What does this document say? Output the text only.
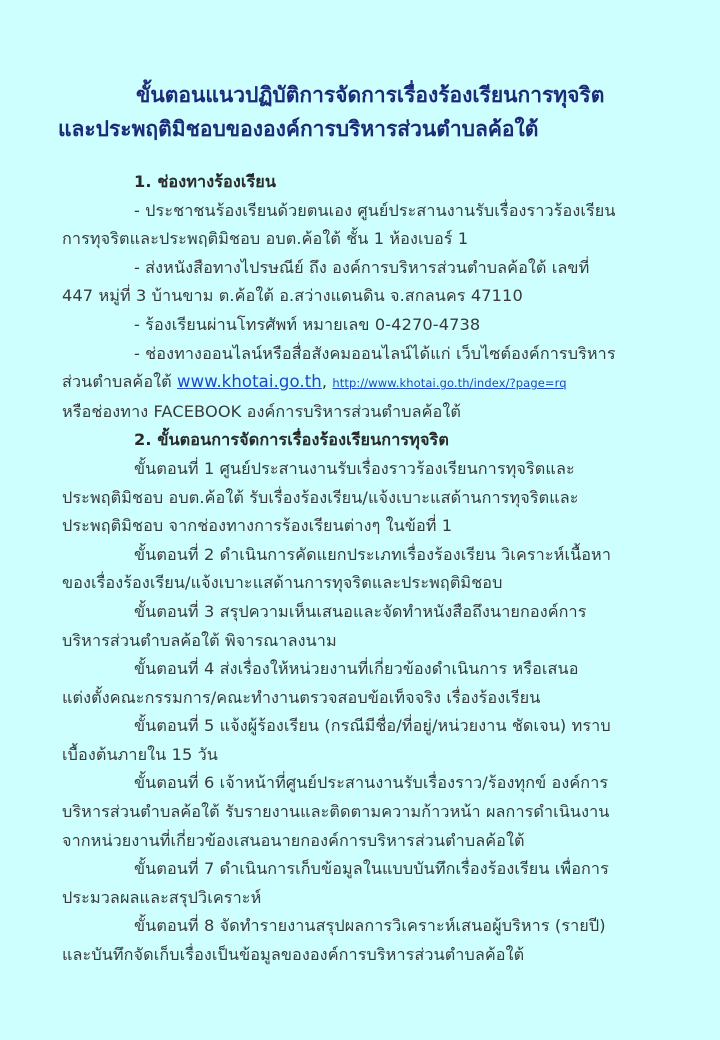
ขั้นตอนแนวปฏิบัติการจัดการเรื่องร้องเรียนการทุจริต
และประพฤติมิชอบขององค์การบริหารส่วนตำบลค้อใต้
1. ช่องทางร้องเรียน
- ประชาชนร้องเรียนด้วยตนเอง ศูนย์ประสานงานรับเรื่องราวร้องเรียน
การทุจริตและประพฤติมิชอบ อบต.ค้อใต้ ชั้น 1 ห้องเบอร์ 1
- ส่งหนังสือทางไปรษณีย์ ถึง องค์การบริหารส่วนตำบลค้อใต้ เลขที่
447 หมู่ที่ 3 บ้านขาม ต.ค้อใต้ อ.สว่างแดนดิน จ.สกลนคร 47110
- ร้องเรียนผ่านโทรศัพท์ หมายเลข 0-4270-4738
- ช่องทางออนไลน์หรือสื่อสังคมออนไลน์ได้แก่ เว็บไซต์องค์การบริหาร
ส่วนตำบลค้อใต้ www.khotai.go.th, http://www.khotai.go.th/index/?page=rq
หรือช่องทาง FACEBOOK องค์การบริหารส่วนตำบลค้อใต้
2. ขั้นตอนการจัดการเรื่องร้องเรียนการทุจริต
ขั้นตอนที่ 1 ศูนย์ประสานงานรับเรื่องราวร้องเรียนการทุจริตและ
ประพฤติมิชอบ อบต.ค้อใต้ รับเรื่องร้องเรียน/แจ้งเบาะแสด้านการทุจริตและ
ประพฤติมิชอบ จากช่องทางการร้องเรียนต่างๆ ในข้อที่ 1
ขั้นตอนที่ 2 ดำเนินการคัดแยกประเภทเรื่องร้องเรียน วิเคราะห์เนื้อหา
ของเรื่องร้องเรียน/แจ้งเบาะแสด้านการทุจริตและประพฤติมิชอบ
ขั้นตอนที่ 3 สรุปความเห็นเสนอและจัดทำหนังสือถึงนายกองค์การ
บริหารส่วนตำบลค้อใต้ พิจารณาลงนาม
ขั้นตอนที่ 4 ส่งเรื่องให้หน่วยงานที่เกี่ยวข้องดำเนินการ หรือเสนอ
แต่งตั้งคณะกรรมการ/คณะทำงานตรวจสอบข้อเท็จจริง เรื่องร้องเรียน
ขั้นตอนที่ 5 แจ้งผู้ร้องเรียน (กรณีมีชื่อ/ที่อยู่/หน่วยงาน ชัดเจน) ทราบ
เบื้องต้นภายใน 15 วัน
ขั้นตอนที่ 6 เจ้าหน้าที่ศูนย์ประสานงานรับเรื่องราว/ร้องทุกข์ องค์การ
บริหารส่วนตำบลค้อใต้ รับรายงานและติดตามความก้าวหน้า ผลการดำเนินงาน
จากหน่วยงานที่เกี่ยวข้องเสนอนายกองค์การบริหารส่วนตำบลค้อใต้
ขั้นตอนที่ 7 ดำเนินการเก็บข้อมูลในแบบบันทึกเรื่องร้องเรียน เพื่อการ
ประมวลผลและสรุปวิเคราะห์
ขั้นตอนที่ 8 จัดทำรายงานสรุปผลการวิเคราะห์เสนอผู้บริหาร (รายปี)
และบันทึกจัดเก็บเรื่องเป็นข้อมูลขององค์การบริหารส่วนตำบลค้อใต้
